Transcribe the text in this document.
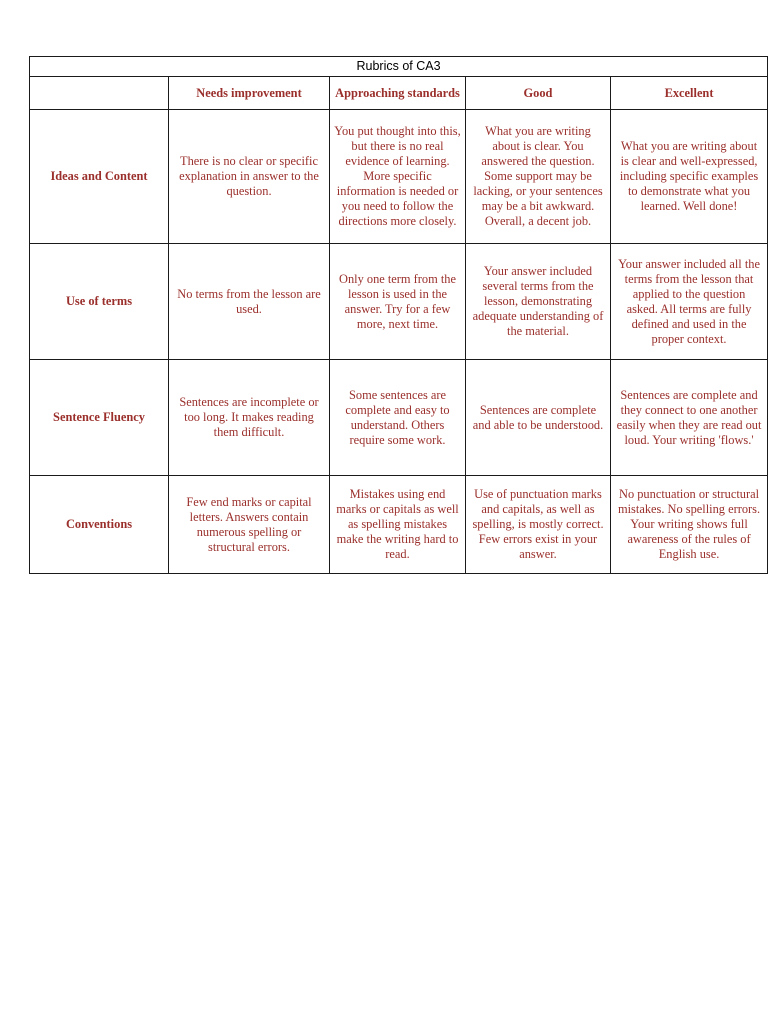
Rubrics of CA3				
	Needs improvement	Approaching standards	Good	Excellent
Ideas and Content	There is no clear or specific explanation in answer to the question.	You put thought into this, but there is no real evidence of learning. More specific information is needed or you need to follow the directions more closely.	What you are writing about is clear. You answered the question. Some support may be lacking, or your sentences may be a bit awkward. Overall, a decent job.	What you are writing about is clear and well-expressed, including specific examples to demonstrate what you learned. Well done!
Use of terms	No terms from the lesson are used.	Only one term from the lesson is used in the answer. Try for a few more, next time.	Your answer included several terms from the lesson, demonstrating adequate understanding of the material.	Your answer included all the terms from the lesson that applied to the question asked. All terms are fully defined and used in the proper context.
Sentence Fluency	Sentences are incomplete or too long. It makes reading them difficult.	Some sentences are complete and easy to understand. Others require some work.	Sentences are complete and able to be understood.	Sentences are complete and they connect to one another easily when they are read out loud. Your writing 'flows.'
Conventions	Few end marks or capital letters. Answers contain numerous spelling or structural errors.	Mistakes using end marks or capitals as well as spelling mistakes make the writing hard to read.	Use of punctuation marks and capitals, as well as spelling, is mostly correct. Few errors exist in your answer.	No punctuation or structural mistakes. No spelling errors. Your writing shows full awareness of the rules of English use.
